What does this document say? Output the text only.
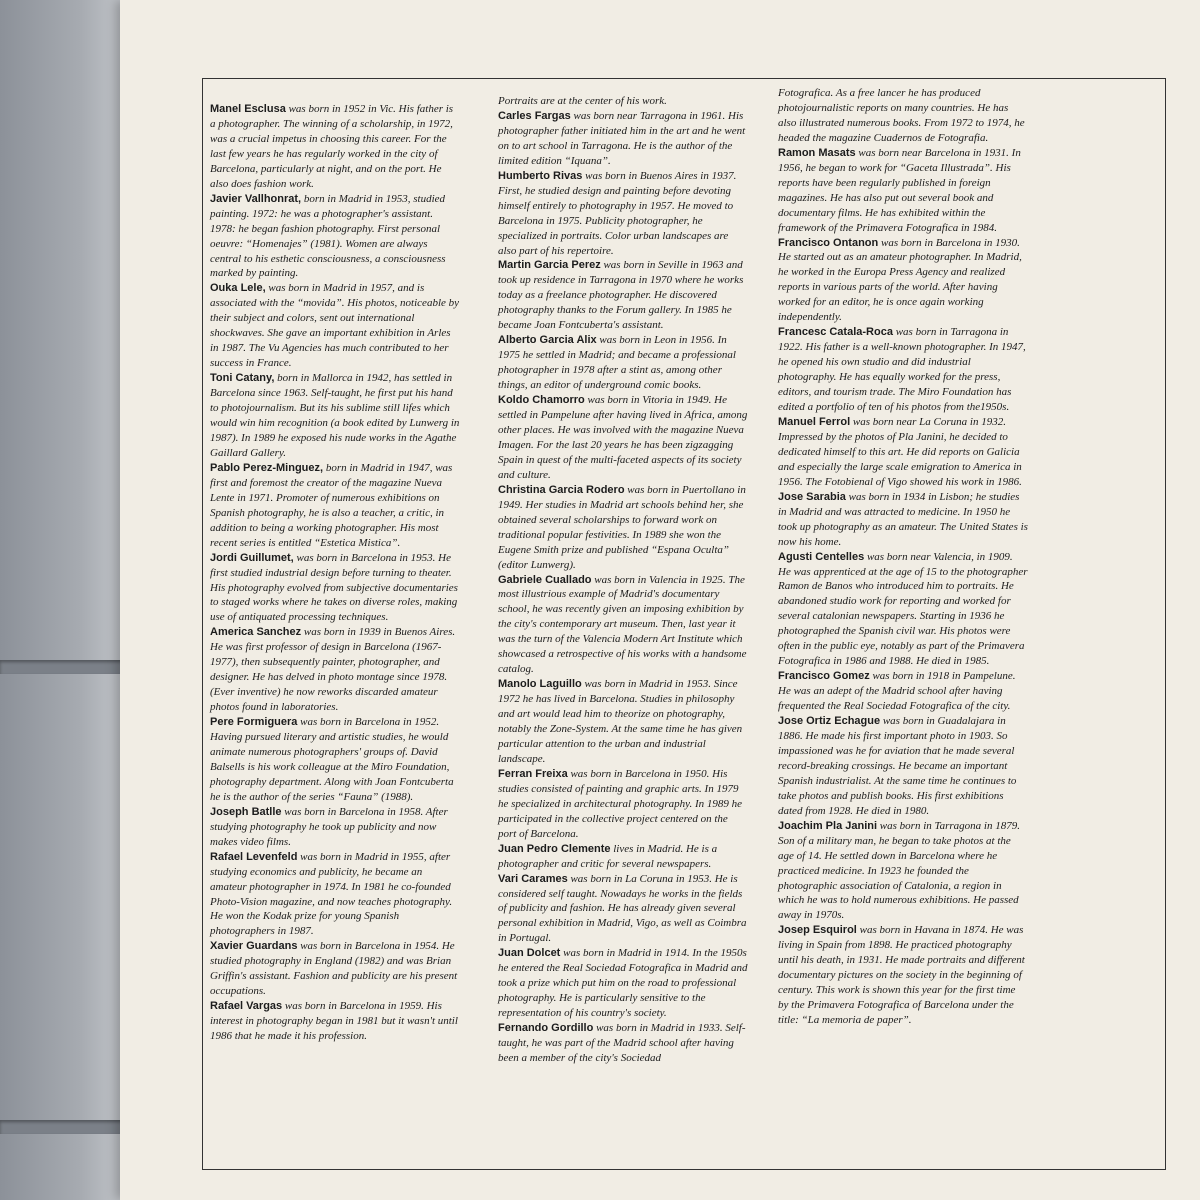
Manel Esclusa was born in 1952 in Vic. His father is a photographer. The winning of a scholarship, in 1972, was a crucial impetus in choosing this career. For the last few years he has regularly worked in the city of Barcelona, particularly at night, and on the port. He also does fashion work.

Javier Vallhonrat, born in Madrid in 1953, studied painting. 1972: he was a photographer's assistant. 1978: he began fashion photography. First personal oeuvre: “Homenajes” (1981). Women are always central to his esthetic consciousness, a consciousness marked by painting.

Ouka Lele, was born in Madrid in 1957, and is associated with the “movida”. His photos, noticeable by their subject and colors, sent out international shockwaves. She gave an important exhibition in Arles in 1987. The Vu Agencies has much contributed to her success in France.

Toni Catany, born in Mallorca in 1942, has settled in Barcelona since 1963. Self-taught, he first put his hand to photojournalism. But its his sublime still lifes which would win him recognition (a book edited by Lunwerg in 1987). In 1989 he exposed his nude works in the Agathe Gaillard Gallery.

Pablo Perez-Minguez, born in Madrid in 1947, was first and foremost the creator of the magazine Nueva Lente in 1971. Promoter of numerous exhibitions on Spanish photography, he is also a teacher, a critic, in addition to being a working photographer. His most recent series is entitled “Estetica Mistica”.

Jordi Guillumet, was born in Barcelona in 1953. He first studied industrial design before turning to theater. His photography evolved from subjective documentaries to staged works where he takes on diverse roles, making use of antiquated processing techniques.

America Sanchez was born in 1939 in Buenos Aires. He was first professor of design in Barcelona (1967-1977), then subsequently painter, photographer, and designer. He has delved in photo montage since 1978. (Ever inventive) he now reworks discarded amateur photos found in laboratories.

Pere Formiguera was born in Barcelona in 1952. Having pursued literary and artistic studies, he would animate numerous photographers' groups of. David Balsells is his work colleague at the Miro Foundation, photography department. Along with Joan Fontcuberta he is the author of the series “Fauna” (1988).

Joseph Batlle was born in Barcelona in 1958. After studying photography he took up publicity and now makes video films.

Rafael Levenfeld was born in Madrid in 1955, after studying economics and publicity, he became an amateur photographer in 1974. In 1981 he co-founded Photo-Vision magazine, and now teaches photography. He won the Kodak prize for young Spanish photographers in 1987.

Xavier Guardans was born in Barcelona in 1954. He studied photography in England (1982) and was Brian Griffin's assistant. Fashion and publicity are his present occupations.

Rafael Vargas was born in Barcelona in 1959. His interest in photography began in 1981 but it wasn't until 1986 that he made it his profession.

Portraits are at the center of his work.

Carles Fargas was born near Tarragona in 1961. His photographer father initiated him in the art and he went on to art school in Tarragona. He is the author of the limited edition “Iquana”.

Humberto Rivas was born in Buenos Aires in 1937. First, he studied design and painting before devoting himself entirely to photography in 1957. He moved to Barcelona in 1975. Publicity photographer, he specialized in portraits. Color urban landscapes are also part of his repertoire.

Martin Garcia Perez was born in Seville in 1963 and took up residence in Tarragona in 1970 where he works today as a freelance photographer. He discovered photography thanks to the Forum gallery. In 1985 he became Joan Fontcuberta's assistant.

Alberto Garcia Alix was born in Leon in 1956. In 1975 he settled in Madrid; and became a professional photographer in 1978 after a stint as, among other things, an editor of underground comic books.

Koldo Chamorro was born in Vitoria in 1949. He settled in Pampelune after having lived in Africa, among other places. He was involved with the magazine Nueva Imagen. For the last 20 years he has been zigzagging Spain in quest of the multi-faceted aspects of its society and culture.

Christina Garcia Rodero was born in Puertollano in 1949. Her studies in Madrid art schools behind her, she obtained several scholarships to forward work on traditional popular festivities. In 1989 she won the Eugene Smith prize and published “Espana Oculta” (editor Lunwerg).

Gabriele Cuallado was born in Valencia in 1925. The most illustrious example of Madrid's documentary school, he was recently given an imposing exhibition by the city's contemporary art museum. Then, last year it was the turn of the Valencia Modern Art Institute which showcased a retrospective of his works with a handsome catalog.

Manolo Laguillo was born in Madrid in 1953. Since 1972 he has lived in Barcelona. Studies in philosophy and art would lead him to theorize on photography, notably the Zone-System. At the same time he has given particular attention to the urban and industrial landscape.

Ferran Freixa was born in Barcelona in 1950. His studies consisted of painting and graphic arts. In 1979 he specialized in architectural photography. In 1989 he participated in the collective project centered on the port of Barcelona.

Juan Pedro Clemente lives in Madrid. He is a photographer and critic for several newspapers.

Vari Carames was born in La Coruna in 1953. He is considered self taught. Nowadays he works in the fields of publicity and fashion. He has already given several personal exhibition in Madrid, Vigo, as well as Coimbra in Portugal.

Juan Dolcet was born in Madrid in 1914. In the 1950s he entered the Real Sociedad Fotografica in Madrid and took a prize which put him on the road to professional photography. He is particularly sensitive to the representation of his country's society.

Fernando Gordillo was born in Madrid in 1933. Self-taught, he was part of the Madrid school after having been a member of the city's Sociedad

Fotografica. As a free lancer he has produced photojournalistic reports on many countries. He has also illustrated numerous books. From 1972 to 1974, he headed the magazine Cuadernos de Fotografia.

Ramon Masats was born near Barcelona in 1931. In 1956, he began to work for “Gaceta Illustrada”. His reports have been regularly published in foreign magazines. He has also put out several book and documentary films. He has exhibited within the framework of the Primavera Fotografica in 1984.

Francisco Ontanon was born in Barcelona in 1930. He started out as an amateur photographer. In Madrid, he worked in the Europa Press Agency and realized reports in various parts of the world. After having worked for an editor, he is once again working independently.

Francesc Catala-Roca was born in Tarragona in 1922. His father is a well-known photographer. In 1947, he opened his own studio and did industrial photography. He has equally worked for the press, editors, and tourism trade. The Miro Foundation has edited a portfolio of ten of his photos from the1950s.

Manuel Ferrol was born near La Coruna in 1932. Impressed by the photos of Pla Janini, he decided to dedicated himself to this art. He did reports on Galicia and especially the large scale emigration to America in 1956. The Fotobienal of Vigo showed his work in 1986.

Jose Sarabia was born in 1934 in Lisbon; he studies in Madrid and was attracted to medicine. In 1950 he took up photography as an amateur. The United States is now his home.

Agusti Centelles was born near Valencia, in 1909. He was apprenticed at the age of 15 to the photographer Ramon de Banos who introduced him to portraits. He abandoned studio work for reporting and worked for several catalonian newspapers. Starting in 1936 he photographed the Spanish civil war. His photos were often in the public eye, notably as part of the Primavera Fotografica in 1986 and 1988. He died in 1985.

Francisco Gomez was born in 1918 in Pampelune. He was an adept of the Madrid school after having frequented the Real Sociedad Fotografica of the city.

Jose Ortiz Echague was born in Guadalajara in 1886. He made his first important photo in 1903. So impassioned was he for aviation that he made several record-breaking crossings. He became an important Spanish industrialist. At the same time he continues to take photos and publish books. His first exhibitions dated from 1928. He died in 1980.

Joachim Pla Janini was born in Tarragona in 1879. Son of a military man, he began to take photos at the age of 14. He settled down in Barcelona where he practiced medicine. In 1923 he founded the photographic association of Catalonia, a region in which he was to hold numerous exhibitions. He passed away in 1970s.

Josep Esquirol was born in Havana in 1874. He was living in Spain from 1898. He practiced photography until his death, in 1931. He made portraits and different documentary pictures on the society in the beginning of century. This work is shown this year for the first time by the Primavera Fotografica of Barcelona under the title: “La memoria de paper”.
